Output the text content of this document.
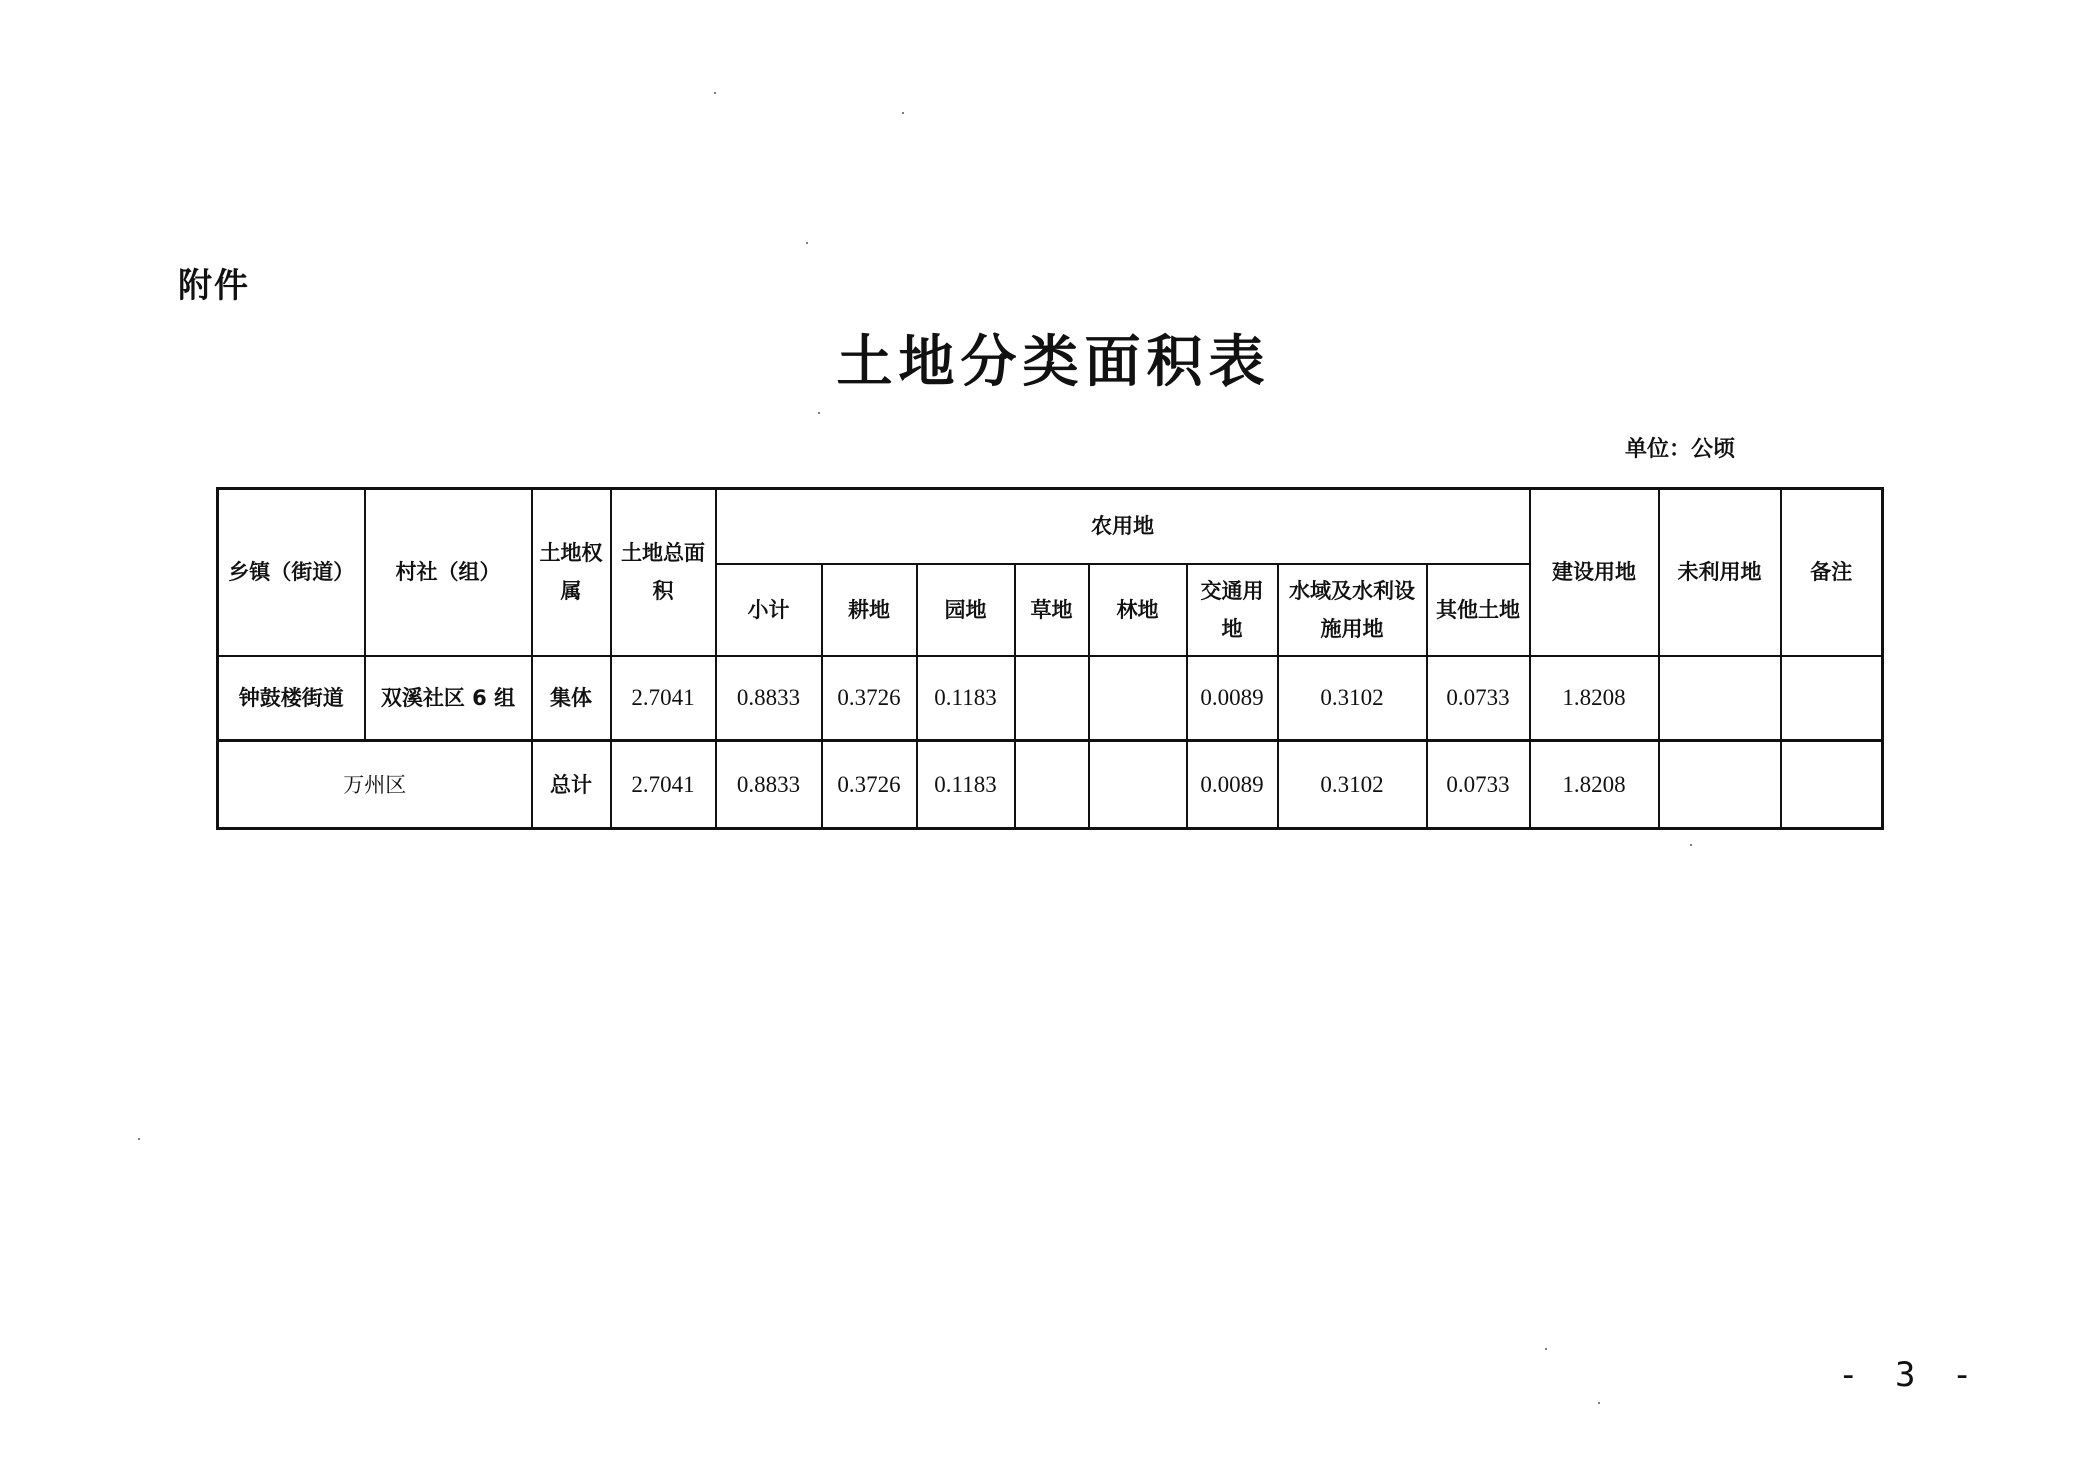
附件
土地分类面积表
单位：公顷
乡镇（街道）	村社（组）	土地权属	土地总面积	农用地								建设用地	未利用地	备注
				小计	耕地	园地	草地	林地	交通用地	水域及水利设施用地	其他土地			
钟鼓楼街道	双溪社区 6 组	集体	2.7041	0.8833	0.3726	0.1183			0.0089	0.3102	0.0733	1.8208		
万州区		总计	2.7041	0.8833	0.3726	0.1183			0.0089	0.3102	0.0733	1.8208		
- 3 -
